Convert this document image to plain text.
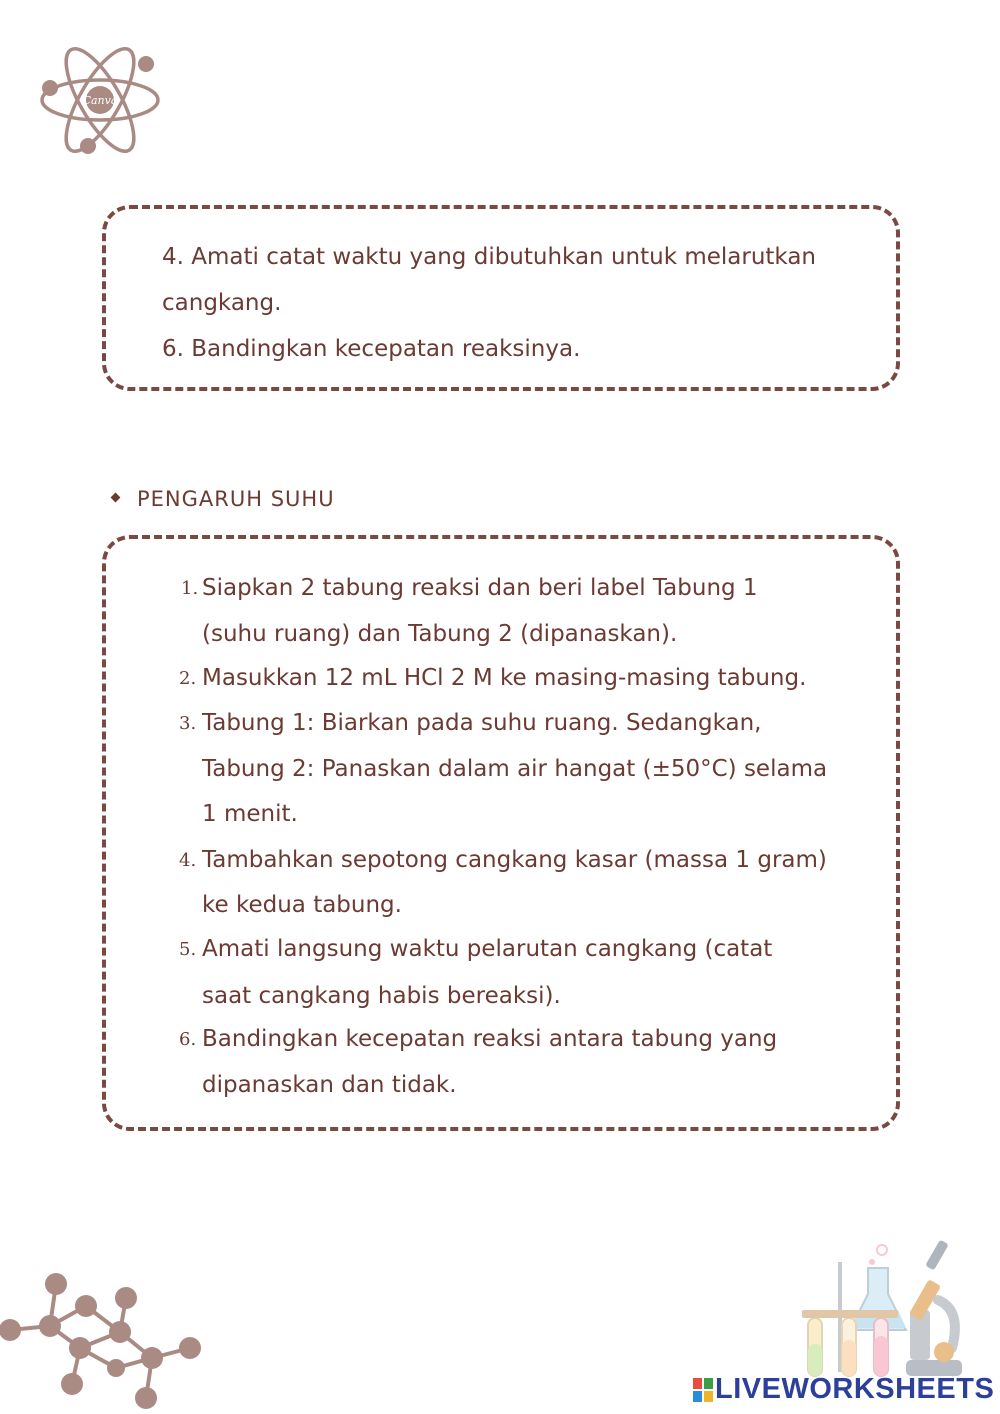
Canva
4. Amati catat waktu yang dibutuhkan untuk melarutkan
cangkang.
6. Bandingkan kecepatan reaksinya.
PENGARUH SUHU
1. Siapkan 2 tabung reaksi dan beri label Tabung 1
(suhu ruang) dan Tabung 2 (dipanaskan).
2. Masukkan 12 mL HCl 2 M ke masing-masing tabung.
3. Tabung 1: Biarkan pada suhu ruang. Sedangkan,
Tabung 2: Panaskan dalam air hangat (±50°C) selama
1 menit.
4. Tambahkan sepotong cangkang kasar (massa 1 gram)
ke kedua tabung.
5. Amati langsung waktu pelarutan cangkang (catat
saat cangkang habis bereaksi).
6. Bandingkan kecepatan reaksi antara tabung yang
dipanaskan dan tidak.
LIVEWORKSHEETS
